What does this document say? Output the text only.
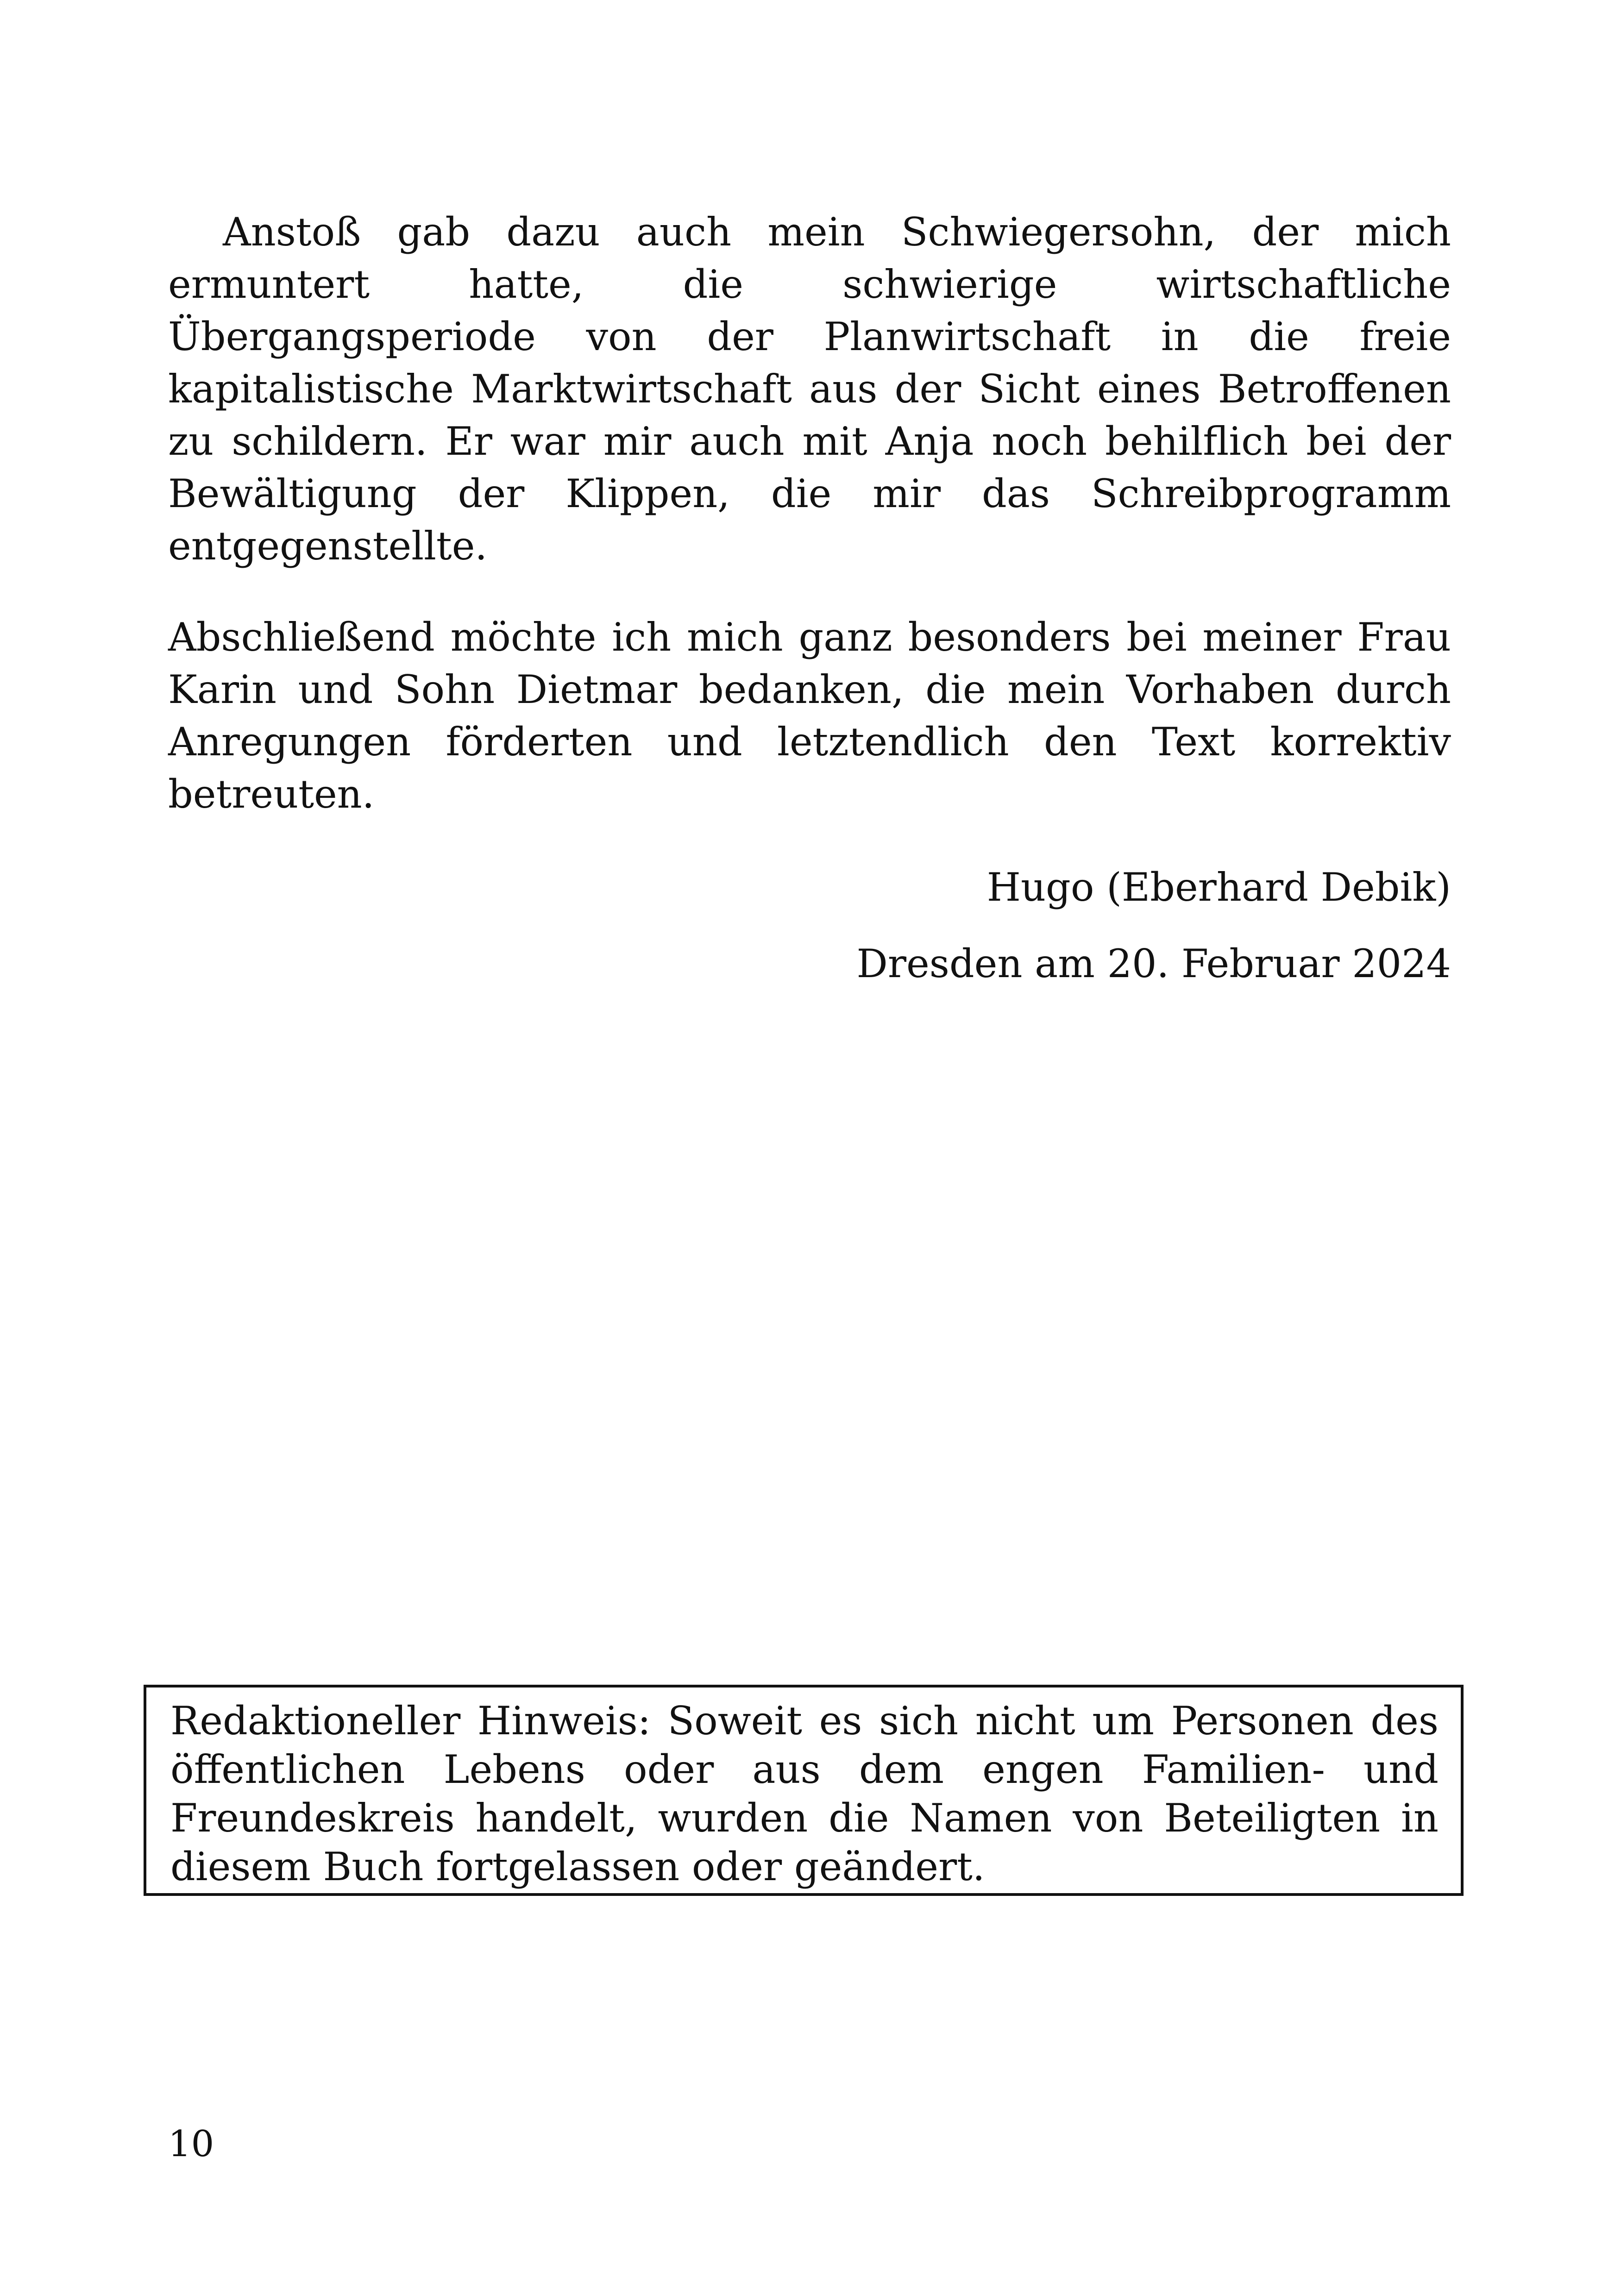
Anstoß gab dazu auch mein Schwiegersohn, der mich ermuntert hatte, die schwierige wirtschaftliche Übergangsperiode von der Planwirtschaft in die freie kapitalistische Marktwirtschaft aus der Sicht eines Betroffenen zu schildern. Er war mir auch mit Anja noch behilflich bei der Bewältigung der Klippen, die mir das Schreibprogramm entgegenstellte.

Abschließend möchte ich mich ganz besonders bei meiner Frau Karin und Sohn Dietmar bedanken, die mein Vorhaben durch Anregungen förderten und letztendlich den Text korrektiv betreuten.

Hugo (Eberhard Debik)
Dresden am 20. Februar 2024

Redaktioneller Hinweis: Soweit es sich nicht um Personen des öffentlichen Lebens oder aus dem engen Familien- und Freundeskreis handelt, wurden die Namen von Beteiligten in diesem Buch fortgelassen oder geändert.

10
